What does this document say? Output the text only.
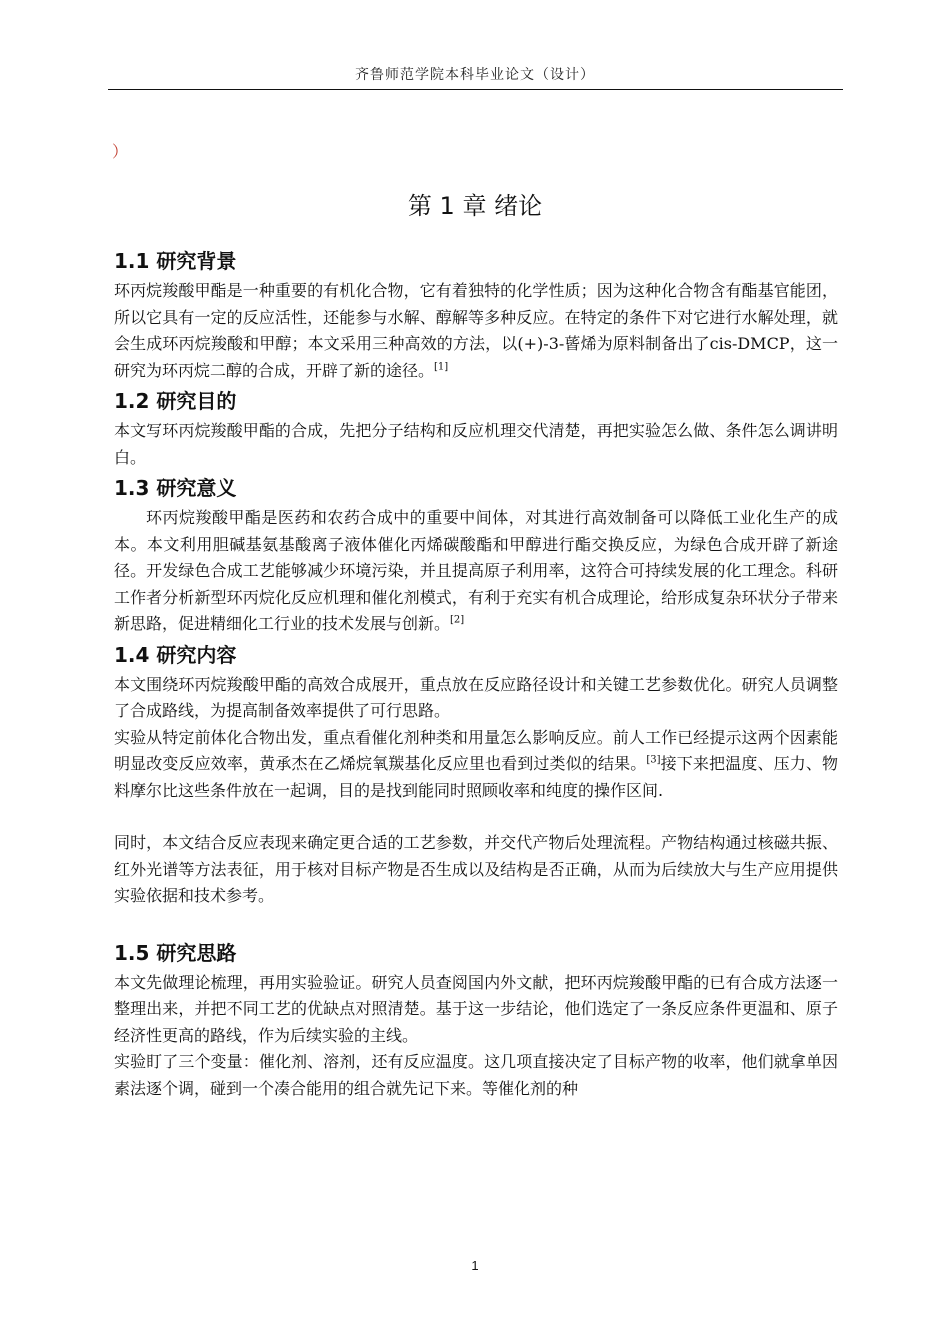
齐鲁师范学院本科毕业论文（设计）
）
第 1 章 绪论
1.1 研究背景

环丙烷羧酸甲酯是一种重要的有机化合物，它有着独特的化学性质；因为这种化合物含有酯基官能团，所以它具有一定的反应活性，还能参与水解、醇解等多种反应。在特定的条件下对它进行水解处理，就会生成环丙烷羧酸和甲醇；本文采用三种高效的方法，以(+)-3-蒈烯为原料制备出了cis-DMCP，这一研究为环丙烷二醇的合成，开辟了新的途径。[1]

1.2 研究目的

本文写环丙烷羧酸甲酯的合成，先把分子结构和反应机理交代清楚，再把实验怎么做、条件怎么调讲明白。

1.3 研究意义

环丙烷羧酸甲酯是医药和农药合成中的重要中间体，对其进行高效制备可以降低工业化生产的成本。本文利用胆碱基氨基酸离子液体催化丙烯碳酸酯和甲醇进行酯交换反应，为绿色合成开辟了新途径。开发绿色合成工艺能够减少环境污染，并且提高原子利用率，这符合可持续发展的化工理念。科研工作者分析新型环丙烷化反应机理和催化剂模式，有利于充实有机合成理论，给形成复杂环状分子带来新思路，促进精细化工行业的技术发展与创新。[2]

1.4 研究内容

本文围绕环丙烷羧酸甲酯的高效合成展开，重点放在反应路径设计和关键工艺参数优化。研究人员调整了合成路线，为提高制备效率提供了可行思路。

实验从特定前体化合物出发，重点看催化剂种类和用量怎么影响反应。前人工作已经提示这两个因素能明显改变反应效率，黄承杰在乙烯烷氧羰基化反应里也看到过类似的结果。[3]接下来把温度、压力、物料摩尔比这些条件放在一起调，目的是找到能同时照顾收率和纯度的操作区间.

同时，本文结合反应表现来确定更合适的工艺参数，并交代产物后处理流程。产物结构通过核磁共振、红外光谱等方法表征，用于核对目标产物是否生成以及结构是否正确，从而为后续放大与生产应用提供实验依据和技术参考。

1.5 研究思路

本文先做理论梳理，再用实验验证。研究人员查阅国内外文献，把环丙烷羧酸甲酯的已有合成方法逐一整理出来，并把不同工艺的优缺点对照清楚。基于这一步结论，他们选定了一条反应条件更温和、原子经济性更高的路线，作为后续实验的主线。

实验盯了三个变量：催化剂、溶剂，还有反应温度。这几项直接决定了目标产物的收率，他们就拿单因素法逐个调，碰到一个凑合能用的组合就先记下来。等催化剂的种

1
